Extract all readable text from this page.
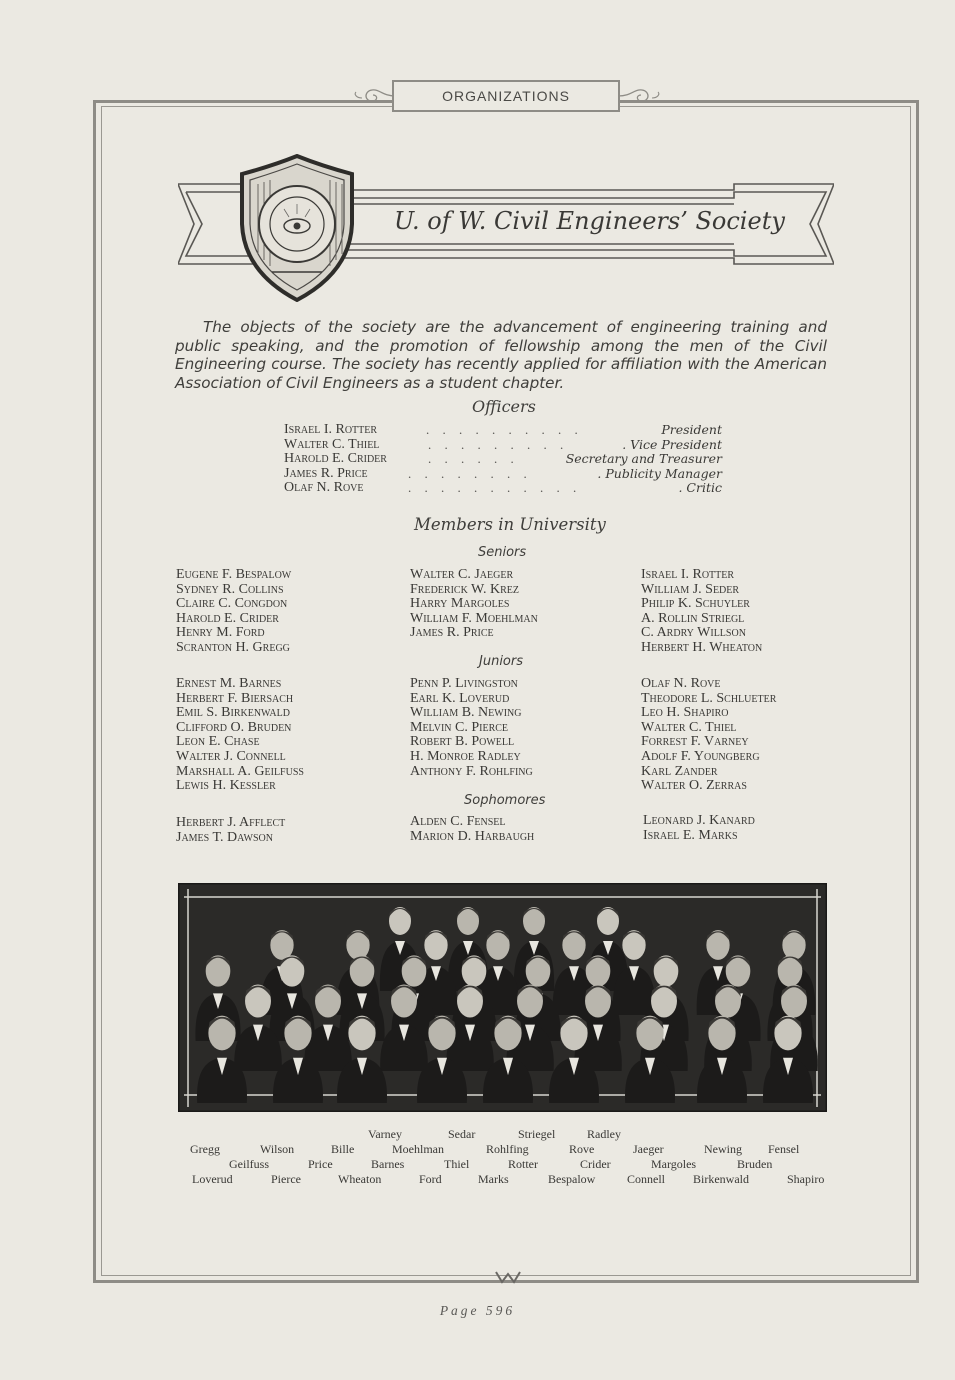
ORGANIZATIONS
U. of W. Civil Engineers’ Society

The objects of the society are the advancement of engineering training and public speaking, and the promotion of fellowship among the men of the Civil Engineering course. The society has recently applied for affiliation with the American Association of Civil Engineers as a student chapter.

Officers
Israel I. Rotter	. . . . . . . . . .	President
Walter C. Thiel	. . . . . . . . .	. Vice President
Harold E. Crider	. . . . . .	Secretary and Treasurer
James R. Price	. . . . . . . .	. Publicity Manager
Olaf N. Rove	. . . . . . . . . . .	. Critic
Members in University
Seniors
Eugene F. Bespalow
Sydney R. Collins
Claire C. Congdon
Harold E. Crider
Henry M. Ford
Scranton H. Gregg
Walter C. Jaeger
Frederick W. Krez
Harry Margoles
William F. Moehlman
James R. Price
Israel I. Rotter
William J. Seder
Philip K. Schuyler
A. Rollin Striegl
C. Ardry Willson
Herbert H. Wheaton
Juniors
Ernest M. Barnes
Herbert F. Biersach
Emil S. Birkenwald
Clifford O. Bruden
Leon E. Chase
Walter J. Connell
Marshall A. Geilfuss
Lewis H. Kessler
Penn P. Livingston
Earl K. Loverud
William B. Newing
Melvin C. Pierce
Robert B. Powell
H. Monroe Radley
Anthony F. Rohlfing
Olaf N. Rove
Theodore L. Schlueter
Leo H. Shapiro
Walter C. Thiel
Forrest F. Varney
Adolf F. Youngberg
Karl Zander
Walter O. Zerras
Sophomores
Herbert J. Afflect
James T. Dawson
Alden C. Fensel
Marion D. Harbaugh
Leonard J. Kanard
Israel E. Marks
Varney	Sedar	Striegel	Radley
Gregg	Wilson	Bille	Moehlman	Rohlfing	Rove	Jaeger	Newing Fensel
Geilfuss	Price	Barnes	Thiel	Rotter	Crider	Margoles	Bruden
Loverud	Pierce	Wheaton	Ford	Marks	Bespalow	Connell Birkenwald	Shapiro
Page 596
